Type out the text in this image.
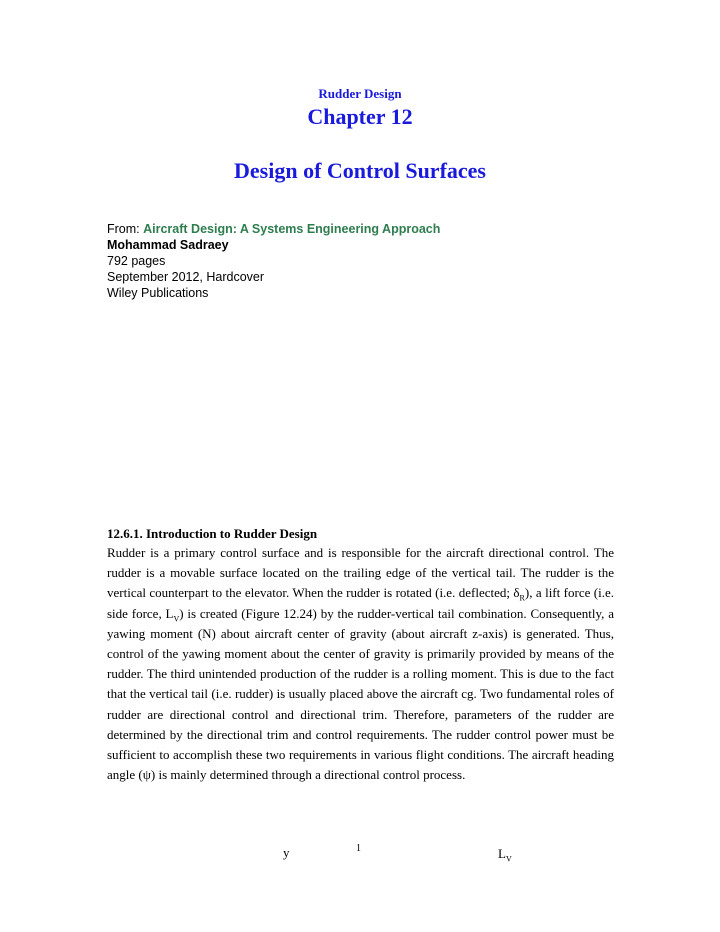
Rudder Design
Chapter 12
Design of Control Surfaces
From: Aircraft Design: A Systems Engineering Approach
Mohammad Sadraey
792 pages
September 2012, Hardcover
Wiley Publications
12.6.1. Introduction to Rudder Design
Rudder is a primary control surface and is responsible for the aircraft directional control. The rudder is a movable surface located on the trailing edge of the vertical tail. The rudder is the vertical counterpart to the elevator. When the rudder is rotated (i.e. deflected; $\delta_R$), a lift force (i.e. side force, $L_V$) is created (Figure 12.24) by the rudder-vertical tail combination. Consequently, a yawing moment (N) about aircraft center of gravity (about aircraft z-axis) is generated. Thus, control of the yawing moment about the center of gravity is primarily provided by means of the rudder. The third unintended production of the rudder is a rolling moment. This is due to the fact that the vertical tail (i.e. rudder) is usually placed above the aircraft cg. Two fundamental roles of rudder are directional control and directional trim. Therefore, parameters of the rudder are determined by the directional trim and control requirements. The rudder control power must be sufficient to accomplish these two requirements in various flight conditions. The aircraft heading angle (ψ) is mainly determined through a directional control process.
y	1	$L_V$
